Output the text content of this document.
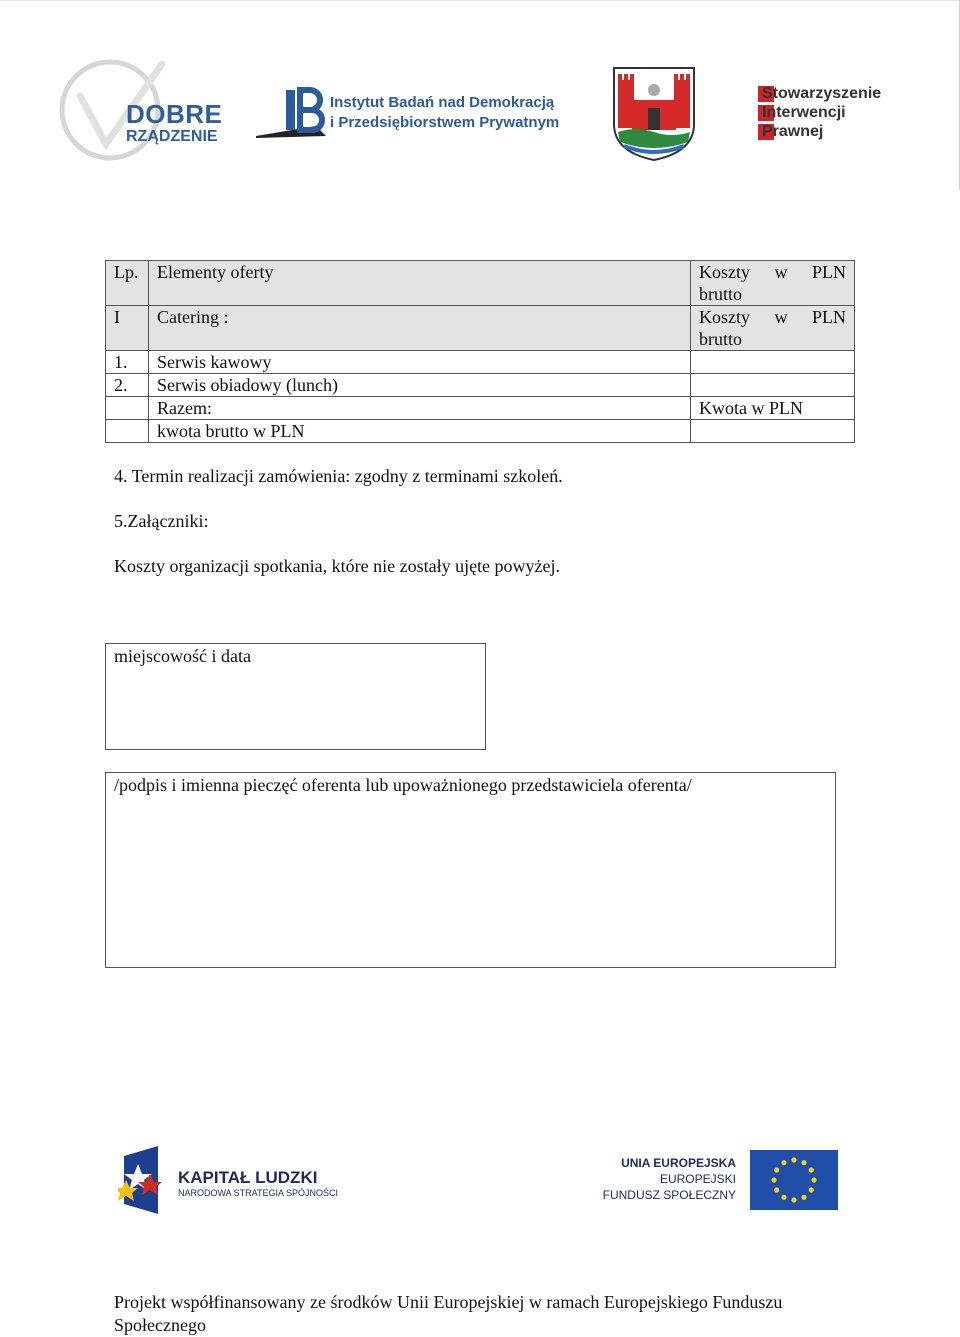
DOBRE
RZĄDZENIE
Instytut Badań nad Demokracją
i Przedsiębiorstwem Prywatnym
Stowarzyszenie
Interwencji
Prawnej
Lp.	Elementy oferty	Koszty w PLN
brutto

I	Catering :	Koszty w PLN
brutto

1.	Serwis kawowy	
2.	Serwis obiadowy (lunch)	

	Razem:	Kwota w PLN
	kwota brutto w PLN	
4. Termin realizacji zamówienia: zgodny z terminami szkoleń.
5.Załączniki:
Koszty organizacji spotkania, które nie zostały ujęte powyżej.
miejscowość i data
/podpis i imienna pieczęć oferenta lub upoważnionego przedstawiciela oferenta/
KAPITAŁ LUDZKI
NARODOWA STRATEGIA SPÓJNOŚCI
UNIA EUROPEJSKA
EUROPEJSKI
FUNDUSZ SPOŁECZNY
Projekt współfinansowany ze środków Unii Europejskiej w ramach Europejskiego Funduszu Społecznego
